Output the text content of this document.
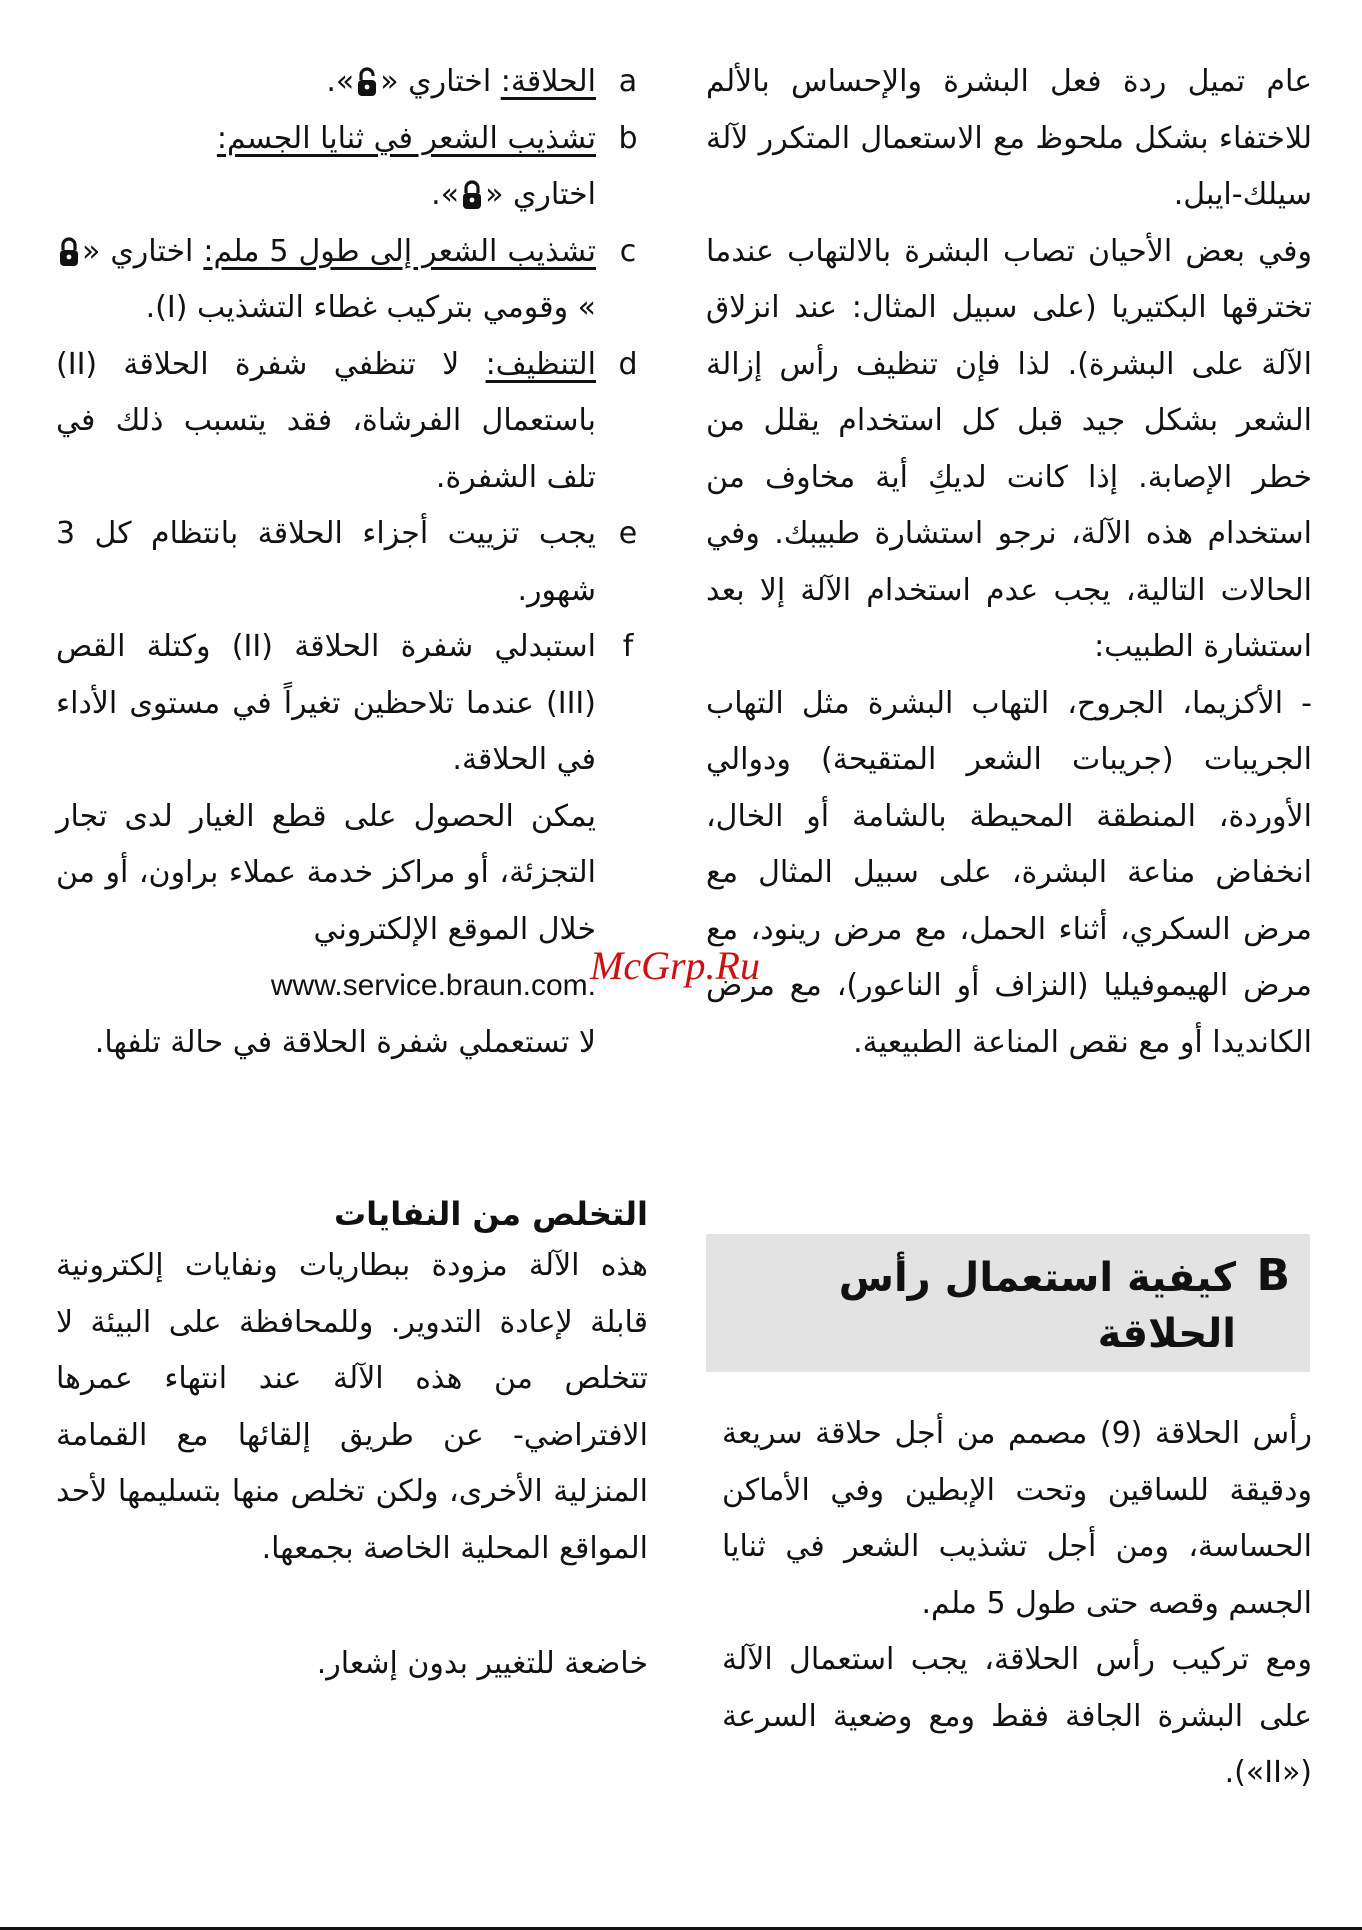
عام تميل ردة فعل البشرة والإحساس بالألم للاختفاء بشكل ملحوظ مع الاستعمال المتكرر لآلة سيلك-ايبل.

وفي بعض الأحيان تصاب البشرة بالالتهاب عندما تخترقها البكتيريا (على سبيل المثال: عند انزلاق الآلة على البشرة). لذا فإن تنظيف رأس إزالة الشعر بشكل جيد قبل كل استخدام يقلل من خطر الإصابة. إذا كانت لديكِ أية مخاوف من استخدام هذه الآلة، نرجو استشارة طبيبك. وفي الحالات التالية، يجب عدم استخدام الآلة إلا بعد استشارة الطبيب:

- الأكزيما، الجروح، التهاب البشرة مثل التهاب الجريبات (جريبات الشعر المتقيحة) ودوالي الأوردة، المنطقة المحيطة بالشامة أو الخال، انخفاض مناعة البشرة، على سبيل المثال مع مرض السكري، أثناء الحمل، مع مرض رينود، مع مرض الهيموفيليا (النزاف أو الناعور)، مع مرض الكانديدا أو مع نقص المناعة الطبيعية.

B
كيفية استعمال رأس الحلاقة

رأس الحلاقة (9) مصمم من أجل حلاقة سريعة ودقيقة للساقين وتحت الإبطين وفي الأماكن الحساسة، ومن أجل تشذيب الشعر في ثنايا الجسم وقصه حتى طول 5 ملم.

ومع تركيب رأس الحلاقة، يجب استعمال الآلة على البشرة الجافة فقط ومع وضعية السرعة («II»).

a
الحلاقة: اختاري «».
b
تشذيب الشعر في ثنايا الجسم:
اختاري «».
c
تشذيب الشعر إلى طول 5 ملم: اختاري «» وقومي بتركيب غطاء التشذيب (I).
d
التنظيف: لا تنظفي شفرة الحلاقة (II) باستعمال الفرشاة، فقد يتسبب ذلك في تلف الشفرة.
e
يجب تزييت أجزاء الحلاقة بانتظام كل 3 شهور.
f
استبدلي شفرة الحلاقة (II) وكتلة القص (III) عندما تلاحظين تغيراً في مستوى الأداء في الحلاقة.

يمكن الحصول على قطع الغيار لدى تجار التجزئة، أو مراكز خدمة عملاء براون، أو من خلال الموقع الإلكتروني

www.service.braun.com.

لا تستعملي شفرة الحلاقة في حالة تلفها.

التخلص من النفايات

هذه الآلة مزودة ببطاريات ونفايات إلكترونية قابلة لإعادة التدوير. وللمحافظة على البيئة لا تتخلص من هذه الآلة عند انتهاء عمرها الافتراضي- عن طريق إلقائها مع القمامة المنزلية الأخرى، ولكن تخلص منها بتسليمها لأحد المواقع المحلية الخاصة بجمعها.

خاضعة للتغيير بدون إشعار.

McGrp.Ru
